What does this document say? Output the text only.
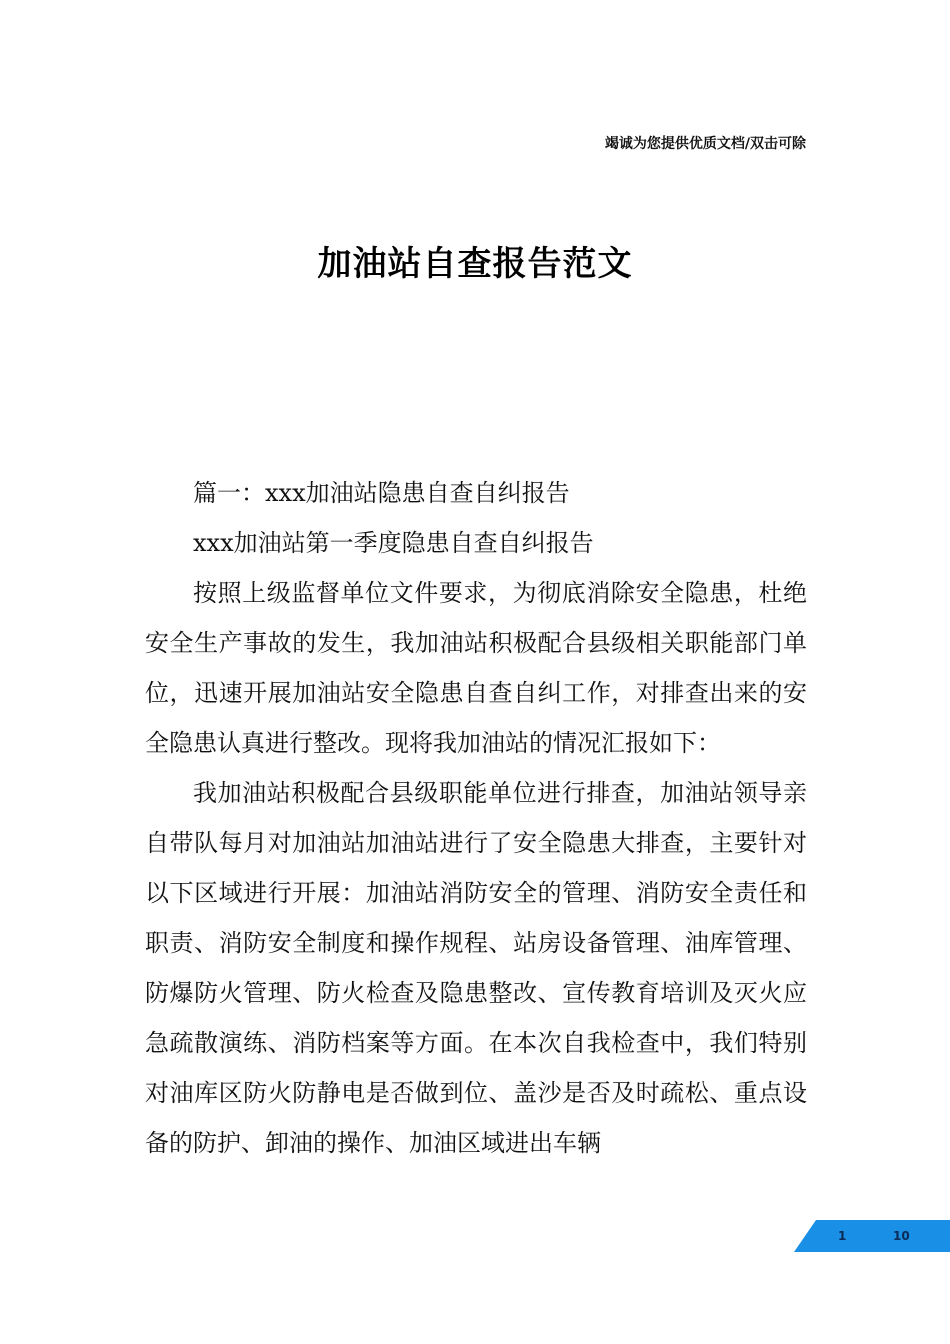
竭诚为您提供优质文档/双击可除
加油站自查报告范文

篇一：xxx加油站隐患自查自纠报告

xxx加油站第一季度隐患自查自纠报告

按照上级监督单位文件要求，为彻底消除安全隐患，杜绝安全生产事故的发生，我加油站积极配合县级相关职能部门单位，迅速开展加油站安全隐患自查自纠工作，对排查出来的安全隐患认真进行整改。现将我加油站的情况汇报如下：

我加油站积极配合县级职能单位进行排查，加油站领导亲自带队每月对加油站加油站进行了安全隐患大排查，主要针对以下区域进行开展：加油站消防安全的管理、消防安全责任和职责、消防安全制度和操作规程、站房设备管理、油库管理、防爆防火管理、防火检查及隐患整改、宣传教育培训及灭火应急疏散演练、消防档案等方面。在本次自我检查中，我们特别对油库区防火防静电是否做到位、盖沙是否及时疏松、重点设备的防护、卸油的操作、加油区域进出车辆

1	10
